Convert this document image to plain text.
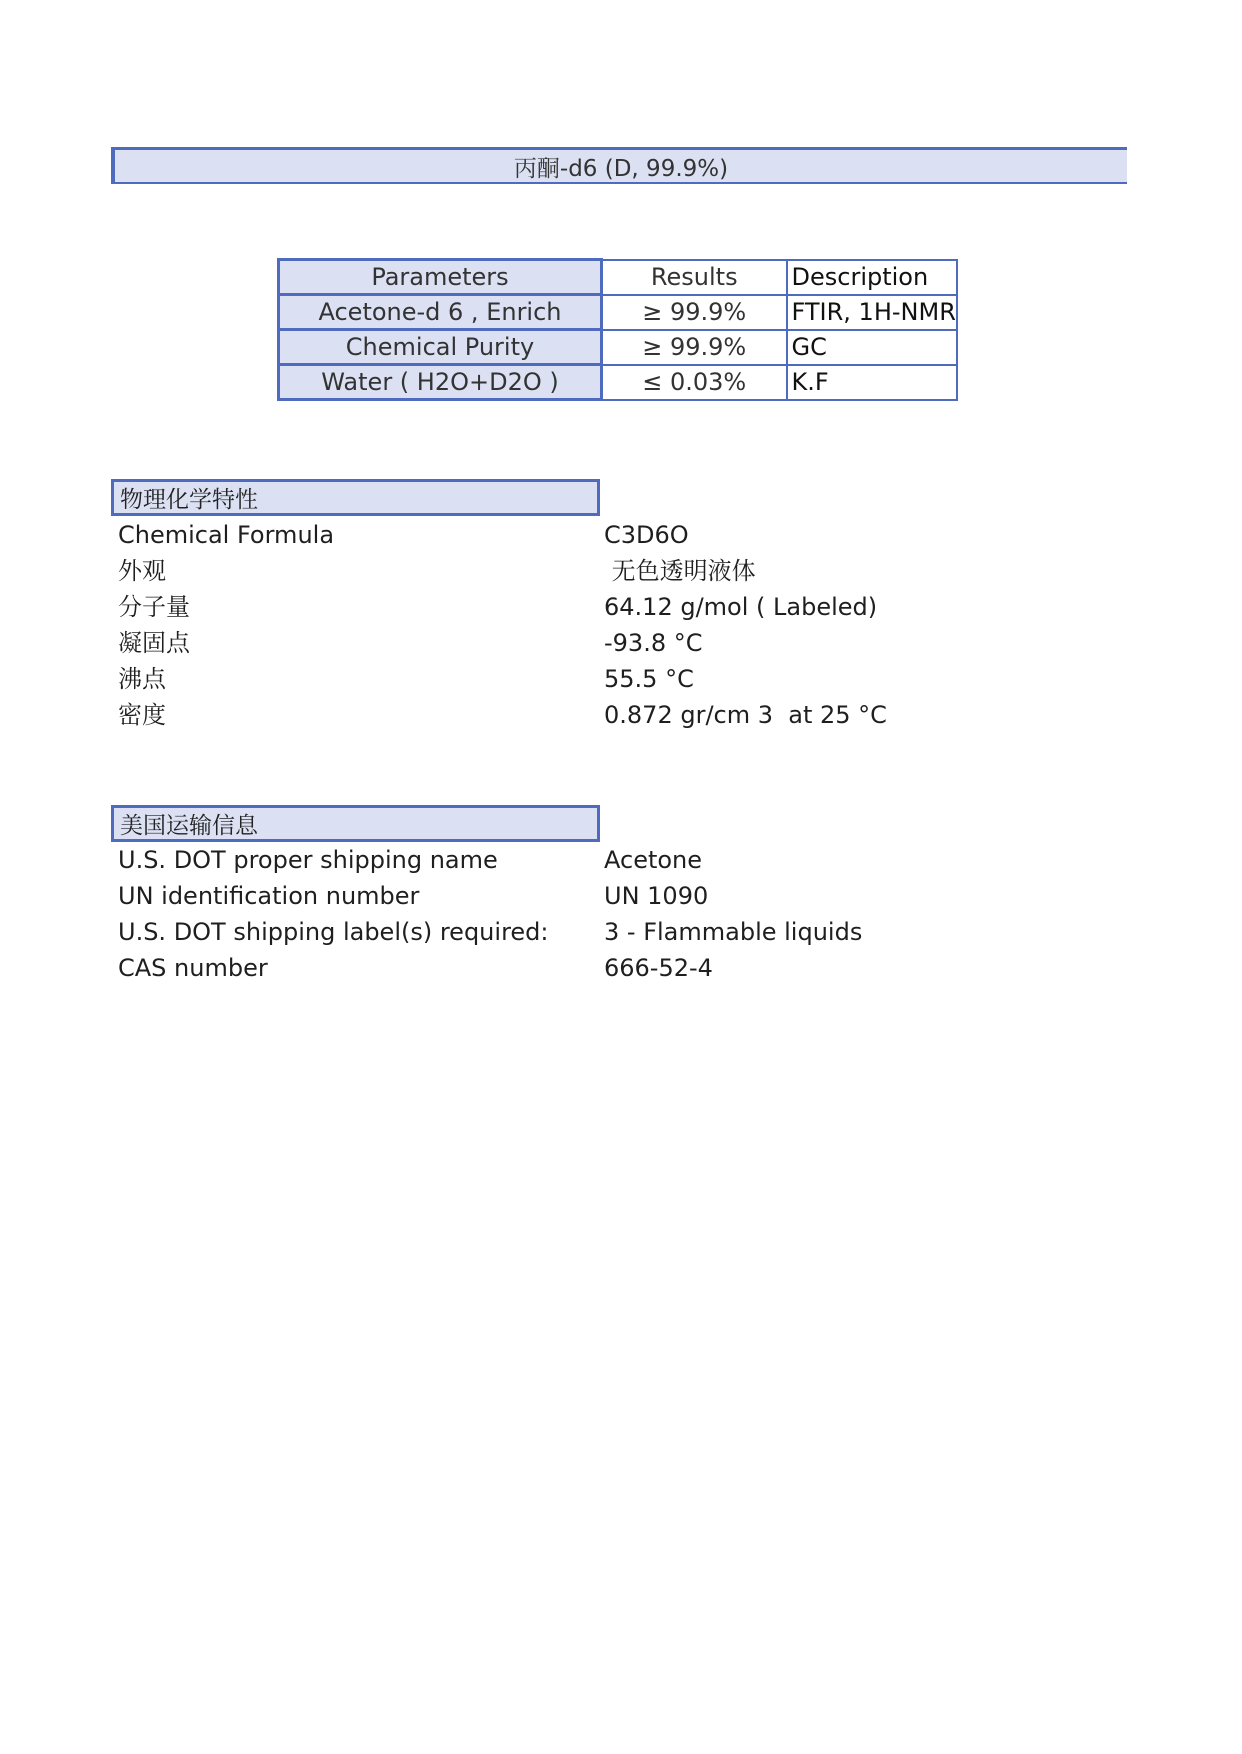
丙酮-d6 (D, 99.9%)
Parameters	Results	Description
Acetone-d 6 , Enrich	≥ 99.9%	FTIR, 1H-NMR
Chemical Purity	≥ 99.9%	GC
Water ( H2O+D2O )	≤ 0.03%	K.F
物理化学特性
Chemical Formula	C3D6O
外观	无色透明液体
分子量	64.12 g/mol ( Labeled)
凝固点	-93.8 °C
沸点	55.5 °C
密度	0.872 gr/cm 3  at 25 °C
美国运输信息
U.S. DOT proper shipping name	Acetone
UN identification number	UN 1090
U.S. DOT shipping label(s) required: 3 - Flammable liquids
CAS number	666-52-4
